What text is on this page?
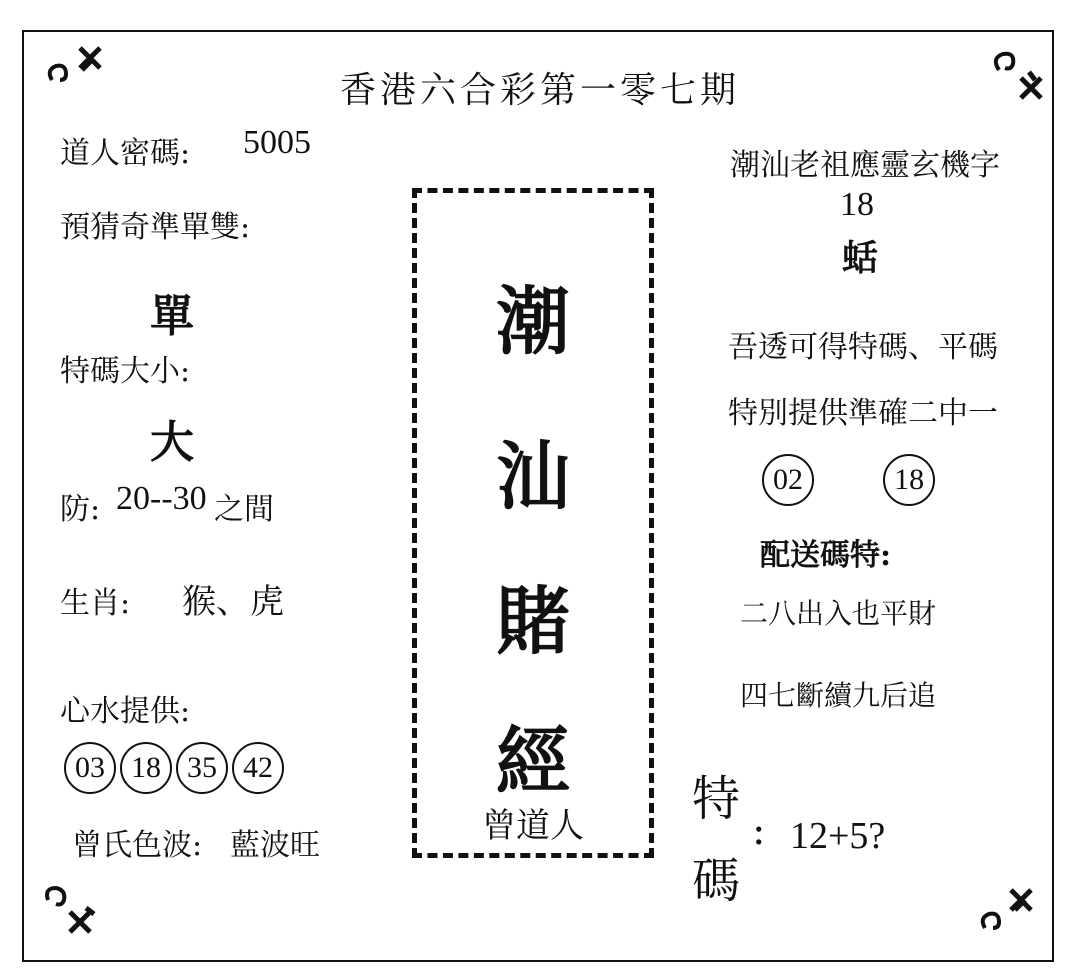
香港六合彩第一零七期
道人密碼: 5005
預猜奇準單雙:
單
特碼大小:
大
防: 20--30 之間
生肖: 猴、虎
心水提供:
03 18 35 42
曾氏色波: 藍波旺
潮
汕
賭
經
曾道人
潮汕老祖應靈玄機字
18
蛞
吾透可得特碼、平碼
特別提供準確二中一
02	18
配送碼特:
二八出入也平財
四七斷續九后追
特
碼
: 12+5?
